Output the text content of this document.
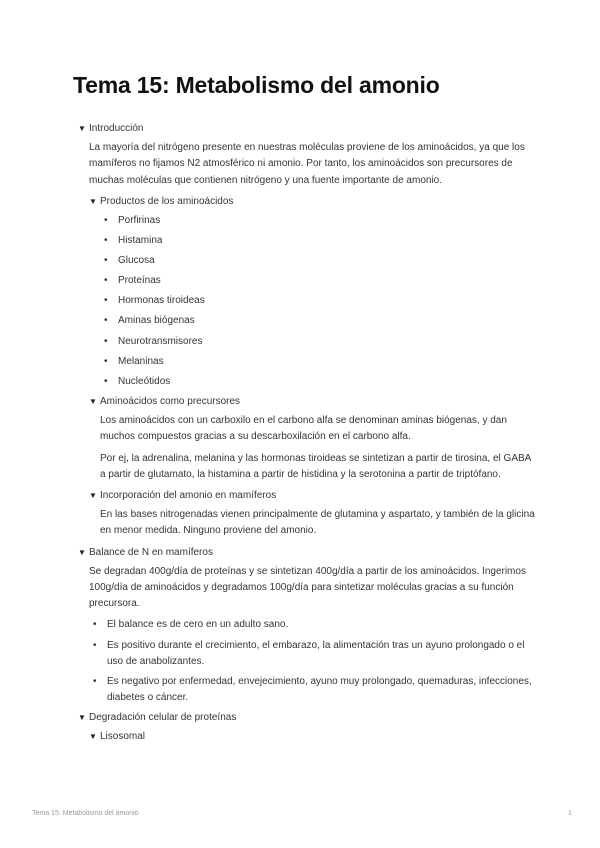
Tema 15: Metabolismo del amonio
▼ Introducción

La mayoría del nitrógeno presente en nuestras moléculas proviene de los aminoácidos, ya que los mamíferos no fijamos N2 atmosférico ni amonio. Por tanto, los aminoácidos son precursores de muchas moléculas que contienen nitrógeno y una fuente importante de amonio.

▼ Productos de los aminoácidos
• Porfirinas
• Histamina
• Glucosa
• Proteínas
• Hormonas tiroideas
• Aminas biógenas
• Neurotransmisores
• Melaninas
• Nucleótidos
▼ Aminoácidos como precursores

Los aminoácidos con un carboxilo en el carbono alfa se denominan aminas biógenas, y dan muchos compuestos gracias a su descarboxilación en el carbono alfa.

Por ej, la adrenalina, melanina y las hormonas tiroideas se sintetizan a partir de tirosina, el GABA a partir de glutamato, la histamina a partir de histidina y la serotonina a partir de triptófano.

▼ Incorporación del amonio en mamíferos

En las bases nitrogenadas vienen principalmente de glutamina y aspartato, y también de la glicina en menor medida. Ninguno proviene del amonio.

▼ Balance de N en mamíferos

Se degradan 400g/día de proteínas y se sintetizan 400g/día a partir de los aminoácidos. Ingerimos 100g/día de aminoácidos y degradamos 100g/día para sintetizar moléculas gracias a su función precursora.

• El balance es de cero en un adulto sano.
• Es positivo durante el crecimiento, el embarazo, la alimentación tras un ayuno prolongado o el uso de anabolizantes.
• Es negativo por enfermedad, envejecimiento, ayuno muy prolongado, quemaduras, infecciones, diabetes o cáncer.
▼ Degradación celular de proteínas
▼ Lisosomal
Tema 15: Metabolismo del amonio	1
